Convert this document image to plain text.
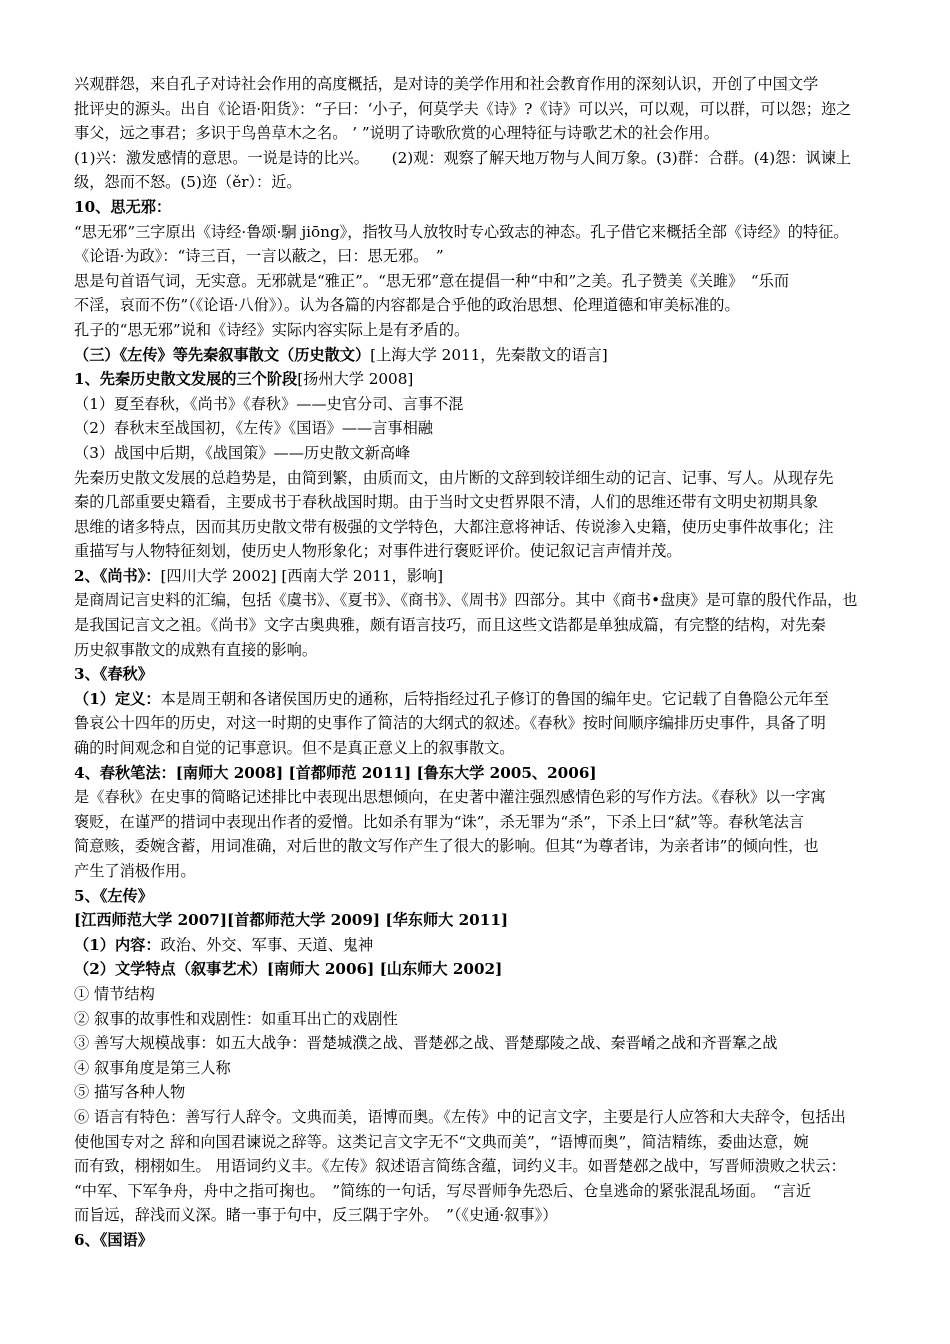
兴观群怨，来自孔子对诗社会作用的高度概括，是对诗的美学作用和社会教育作用的深刻认识，开创了中国文学

批评史的源头。出自《论语·阳货》：“子曰：‘小子，何莫学夫《诗》?《诗》可以兴，可以观，可以群，可以怨；迩之

事父，远之事君；多识于鸟兽草木之名。 ’ ”说明了诗歌欣赏的心理特征与诗歌艺术的社会作用。

(1)兴：激发感情的意思。一说是诗的比兴。　　(2)观：观察了解天地万物与人间万象。(3)群：合群。(4)怨：讽谏上

级，怨而不怒。(5)迩（ěr）：近。

10、思无邪：

“思无邪”三字原出《诗经·鲁颂·駉 jiōng》，指牧马人放牧时专心致志的神态。孔子借它来概括全部《诗经》的特征。

《论语·为政》：“诗三百，一言以蔽之，曰：思无邪。　”

思是句首语气词，无实意。无邪就是“雅正”。“思无邪”意在提倡一种“中和”之美。孔子赞美《关雎》　“乐而

不淫，哀而不伤”（《论语·八佾》）。认为各篇的内容都是合乎他的政治思想、伦理道德和审美标准的。

孔子的“思无邪”说和《诗经》实际内容实际上是有矛盾的。

（三）《左传》等先秦叙事散文（历史散文）[上海大学 2011，先秦散文的语言]

1、先秦历史散文发展的三个阶段[扬州大学 2008]

（1）夏至春秋，《尚书》《春秋》——史官分司、言事不混

（2）春秋末至战国初，《左传》《国语》——言事相融

（3）战国中后期，《战国策》——历史散文新高峰

先秦历史散文发展的总趋势是，由简到繁，由质而文，由片断的文辞到较详细生动的记言、记事、写人。从现存先

秦的几部重要史籍看，主要成书于春秋战国时期。由于当时文史哲界限不清，人们的思维还带有文明史初期具象

思维的诸多特点，因而其历史散文带有极强的文学特色，大都注意将神话、传说渗入史籍，使历史事件故事化；注

重描写与人物特征刻划，使历史人物形象化；对事件进行褒贬评价。使记叙记言声情并茂。

2、《尚书》：[四川大学 2002] [西南大学 2011，影响]

是商周记言史料的汇编，包括《虞书》、《夏书》、《商书》、《周书》四部分。其中《商书•盘庚》是可靠的殷代作品，也

是我国记言文之祖。《尚书》文字古奥典雅，颇有语言技巧，而且这些文诰都是单独成篇，有完整的结构，对先秦

历史叙事散文的成熟有直接的影响。

3、《春秋》

（1）定义：本是周王朝和各诸侯国历史的通称，后特指经过孔子修订的鲁国的编年史。它记载了自鲁隐公元年至

鲁哀公十四年的历史，对这一时期的史事作了简洁的大纲式的叙述。《春秋》按时间顺序编排历史事件，具备了明

确的时间观念和自觉的记事意识。但不是真正意义上的叙事散文。

4、春秋笔法：[南师大 2008] [首都师范 2011] [鲁东大学 2005、2006]

是《春秋》在史事的简略记述排比中表现出思想倾向，在史著中灌注强烈感情色彩的写作方法。《春秋》以一字寓

褒贬，在谨严的措词中表现出作者的爱憎。比如杀有罪为“诛”，杀无罪为“杀”，下杀上曰“弑”等。春秋笔法言

简意赅，委婉含蓄，用词准确，对后世的散文写作产生了很大的影响。但其“为尊者讳，为亲者讳”的倾向性，也

产生了消极作用。

5、《左传》

[江西师范大学 2007][首都师范大学 2009] [华东师大 2011]

（1）内容：政治、外交、军事、天道、鬼神

（2）文学特点（叙事艺术）[南师大 2006] [山东师大 2002]

① 情节结构

② 叙事的故事性和戏剧性：如重耳出亡的戏剧性

③ 善写大规模战事：如五大战争：晋楚城濮之战、晋楚邲之战、晋楚鄢陵之战、秦晋崤之战和齐晋鞌之战

④ 叙事角度是第三人称

⑤ 描写各种人物

⑥ 语言有特色：善写行人辞令。文典而美，语博而奥。《左传》中的记言文字，主要是行人应答和大夫辞令，包括出

使他国专对之 辞和向国君谏说之辞等。这类记言文字无不“文典而美”，“语博而奥”，简洁精练，委曲达意，婉

而有致，栩栩如生。 用语词约义丰。《左传》叙述语言简练含蕴，词约义丰。如晋楚邲之战中，写晋师溃败之状云：

“中军、下军争舟，舟中之指可掬也。　”简练的一句话，写尽晋师争先恐后、仓皇逃命的紧张混乱场面。　“言近

而旨远，辞浅而义深。睹一事于句中，反三隅于字外。　”（《史通·叙事》）

6、《国语》
